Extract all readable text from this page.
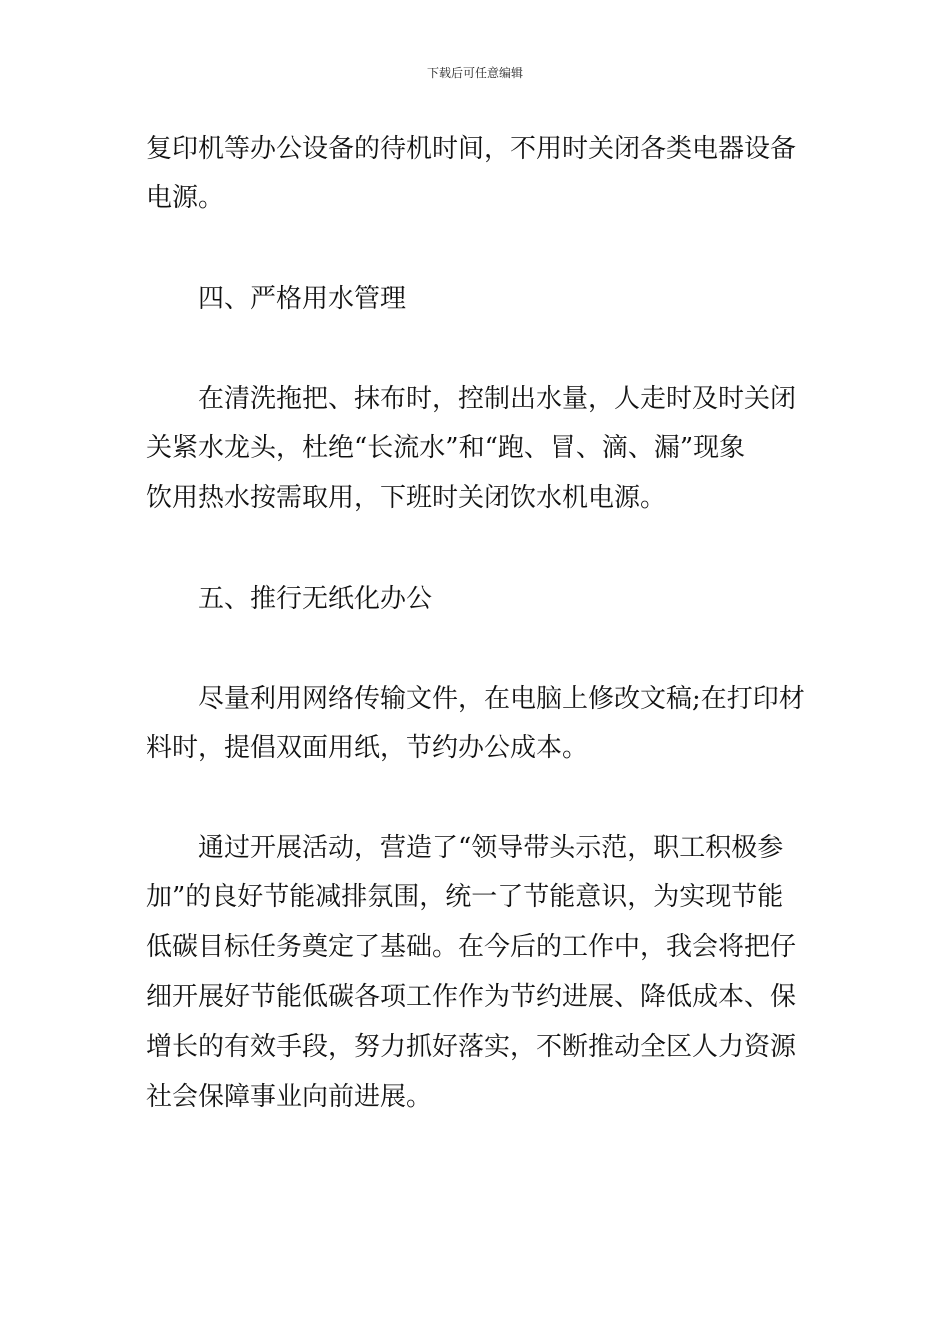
下载后可任意编辑
复印机等办公设备的待机时间，不用时关闭各类电器设备
电源。
四、严格用水管理
在清洗拖把、抹布时，控制出水量，人走时及时关闭
关紧水龙头，杜绝“长流水”和“跑、冒、滴、漏”现象
饮用热水按需取用，下班时关闭饮水机电源。
五、推行无纸化办公
尽量利用网络传输文件，在电脑上修改文稿;在打印材
料时，提倡双面用纸，节约办公成本。
通过开展活动，营造了“领导带头示范，职工积极参
加”的良好节能减排氛围，统一了节能意识，为实现节能
低碳目标任务奠定了基础。在今后的工作中，我会将把仔
细开展好节能低碳各项工作作为节约进展、降低成本、保
增长的有效手段，努力抓好落实，不断推动全区人力资源
社会保障事业向前进展。
